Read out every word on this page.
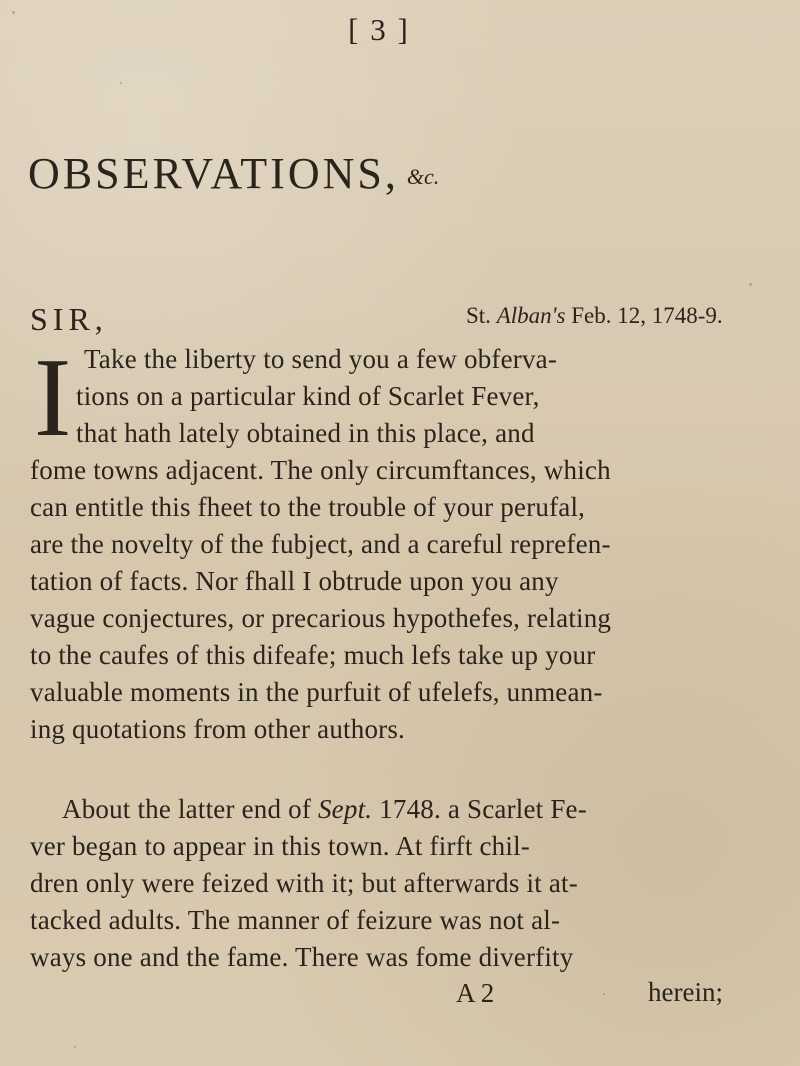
[ 3 ]
OBSERVATIONS, &c.
SIR,	St. Alban's Feb. 12, 1748-9.
I Take the liberty to send you a few obferva-
tions on a particular kind of Scarlet Fever,
that hath lately obtained in this place, and
fome towns adjacent. The only circumftances, which
can entitle this fheet to the trouble of your perufal,
are the novelty of the fubject, and a careful reprefen-
tation of facts. Nor fhall I obtrude upon you any
vague conjectures, or precarious hypothefes, relating
to the caufes of this difeafe; much lefs take up your
valuable moments in the purfuit of ufelefs, unmean-
ing quotations from other authors.
About the latter end of Sept. 1748. a Scarlet Fe-
ver began to appear in this town. At firft chil-
dren only were feized with it; but afterwards it at-
tacked adults. The manner of feizure was not al-
ways one and the fame. There was fome diverfity
A 2	herein;
